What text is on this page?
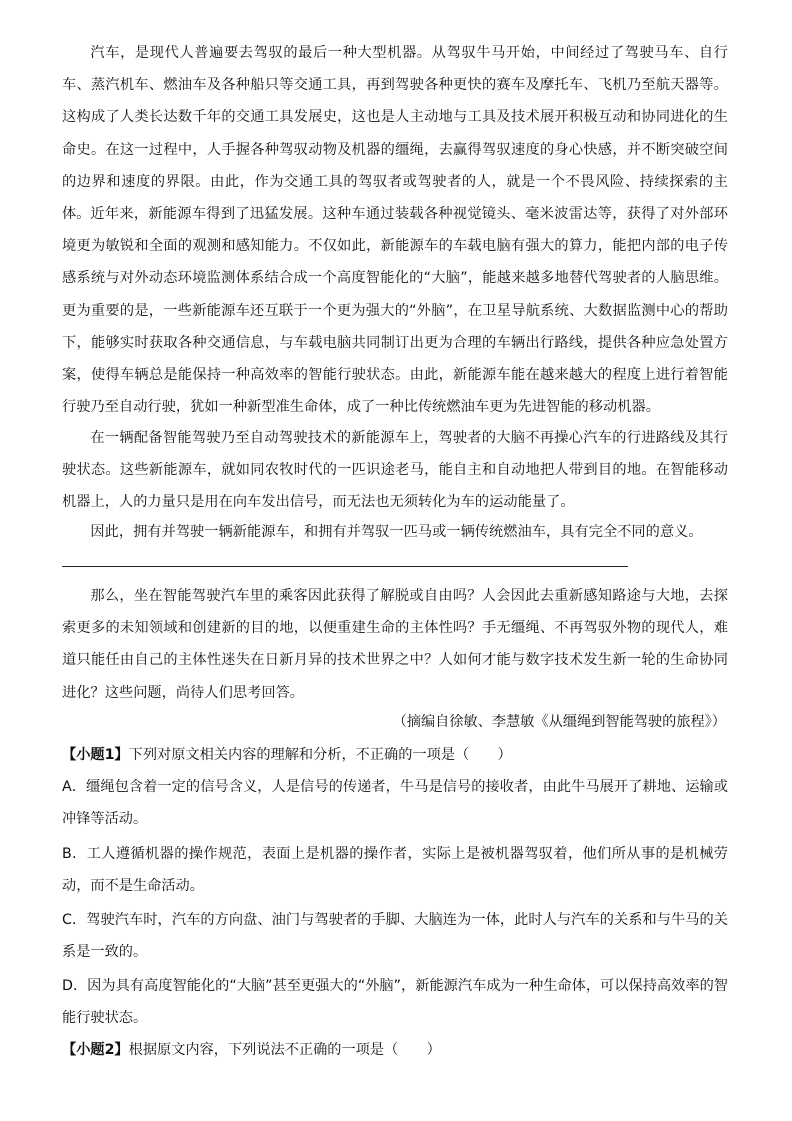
汽车，是现代人普遍要去驾驭的最后一种大型机器。从驾驭牛马开始，中间经过了驾驶马车、自行车、蒸汽机车、燃油车及各种船只等交通工具，再到驾驶各种更快的赛车及摩托车、飞机乃至航天器等。这构成了人类长达数千年的交通工具发展史，这也是人主动地与工具及技术展开积极互动和协同进化的生命史。在这一过程中，人手握各种驾驭动物及机器的缰绳，去赢得驾驭速度的身心快感，并不断突破空间的边界和速度的界限。由此，作为交通工具的驾驭者或驾驶者的人，就是一个不畏风险、持续探索的主体。 近年来，新能源车得到了迅猛发展。这种车通过装载各种视觉镜头、毫米波雷达等，获得了对外部环境更为敏锐和全面的观测和感知能力。不仅如此，新能源车的车载电脑有强大的算力，能把内部的电子传感系统与对外动态环境监测体系结合成一个高度智能化的“大脑”，能越来越多地替代驾驶者的人脑思维。更为重要的是，一些新能源车还互联于一个更为强大的“外脑”，在卫星导航系统、大数据监测中心的帮助下，能够实时获取各种交通信息，与车载电脑共同制订出更为合理的车辆出行路线，提供各种应急处置方案，使得车辆总是能保持一种高效率的智能行驶状态。由此，新能源车能在越来越大的程度上进行着智能行驶乃至自动行驶，犹如一种新型准生命体，成了一种比传统燃油车更为先进智能的移动机器。

在一辆配备智能驾驶乃至自动驾驶技术的新能源车上，驾驶者的大脑不再操心汽车的行进路线及其行驶状态。这些新能源车，就如同农牧时代的一匹识途老马，能自主和自动地把人带到目的地。在智能移动机器上，人的力量只是用在向车发出信号，而无法也无须转化为车的运动能量了。

因此，拥有并驾驶一辆新能源车，和拥有并驾驭一匹马或一辆传统燃油车，具有完全不同的意义。

那么，坐在智能驾驶汽车里的乘客因此获得了解脱或自由吗？人会因此去重新感知路途与大地，去探索更多的未知领域和创建新的目的地，以便重建生命的主体性吗？手无缰绳、不再驾驭外物的现代人，难道只能任由自己的主体性迷失在日新月异的技术世界之中？人如何才能与数字技术发生新一轮的生命协同进化？这些问题，尚待人们思考回答。

（摘编自徐敏、李慧敏《从缰绳到智能驾驶的旅程》）

【小题1】下列对原文相关内容的理解和分析，不正确的一项是（　　）

A．缰绳包含着一定的信号含义，人是信号的传递者，牛马是信号的接收者，由此牛马展开了耕地、运输或冲锋等活动。

B．工人遵循机器的操作规范，表面上是机器的操作者，实际上是被机器驾驭着，他们所从事的是机械劳动，而不是生命活动。

C．驾驶汽车时，汽车的方向盘、油门与驾驶者的手脚、大脑连为一体，此时人与汽车的关系和与牛马的关系是一致的。

D．因为具有高度智能化的“大脑”甚至更强大的“外脑”，新能源汽车成为一种生命体，可以保持高效率的智能行驶状态。

【小题2】根据原文内容，下列说法不正确的一项是（　　）
